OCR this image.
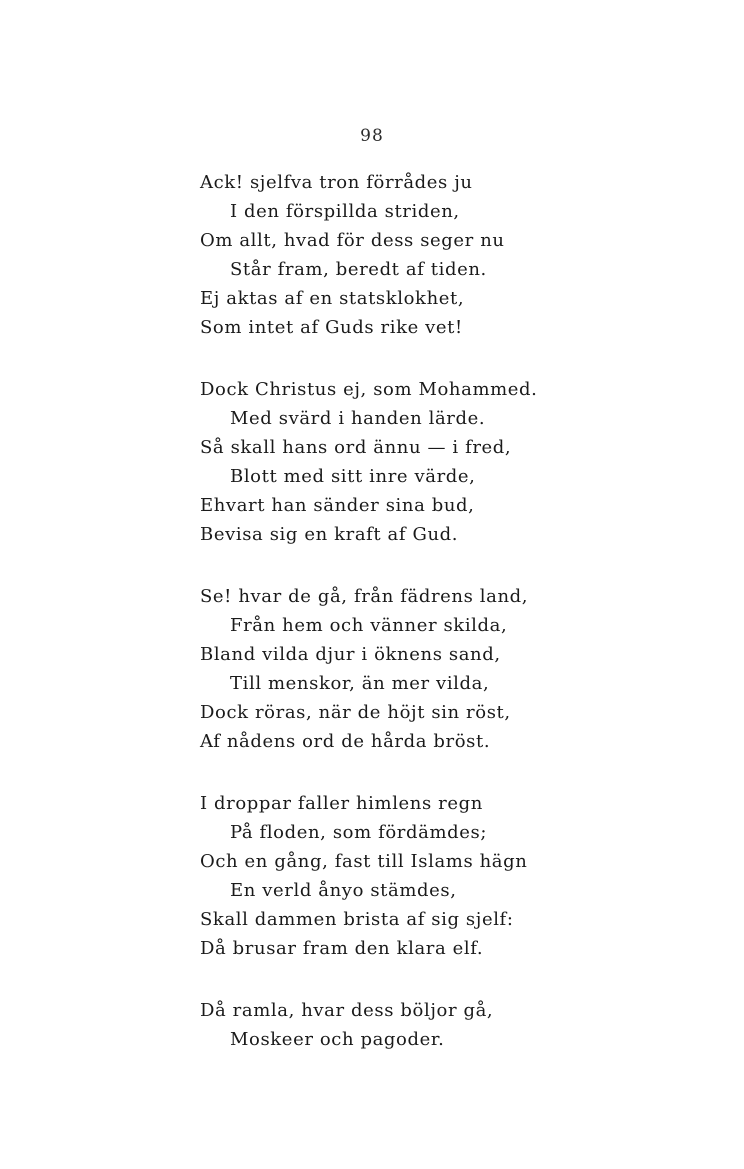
98
Ack! sjelfva tron förrådes ju
I den förspillda striden,
Om allt, hvad för dess seger nu
Står fram, beredt af tiden.
Ej aktas af en statsklokhet,
Som intet af Guds rike vet!
Dock Christus ej, som Mohammed.
Med svärd i handen lärde.
Så skall hans ord ännu — i fred,
Blott med sitt inre värde,
Ehvart han sänder sina bud,
Bevisa sig en kraft af Gud.
Se! hvar de gå, från fädrens land,
Från hem och vänner skilda,
Bland vilda djur i öknens sand,
Till menskor, än mer vilda,
Dock röras, när de höjt sin röst,
Af nådens ord de hårda bröst.
I droppar faller himlens regn
På floden, som fördämdes;
Och en gång, fast till Islams hägn
En verld ånyo stämdes,
Skall dammen brista af sig sjelf:
Då brusar fram den klara elf.
Då ramla, hvar dess böljor gå,
Moskeer och pagoder.
